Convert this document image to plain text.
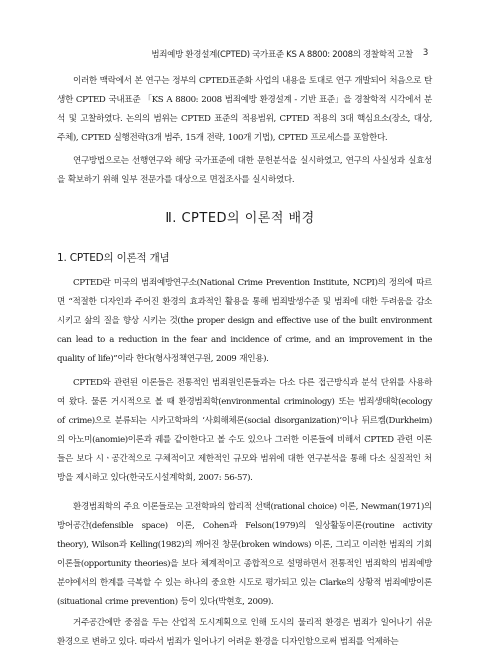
범죄예방 환경설계(CPTED) 국가표준 KS A 8800: 2008의 경찰학적 고찰 3

이러한 맥락에서 본 연구는 정부의 CPTED표준화 사업의 내용을 토대로 연구 개발되어 처음으로 탄생한 CPTED 국내표준 「KS A 8800: 2008 범죄예방 환경설계 - 기반 표준」을 경찰학적 시각에서 분석 및 고찰하였다. 논의의 범위는 CPTED 표준의 적용범위, CPTED 적용의 3대 핵심요소(장소, 대상, 주체), CPTED 실행전략(3개 범주, 15개 전략, 100개 기법), CPTED 프로세스를 포함한다.

연구방법으로는 선행연구와 해당 국가표준에 대한 문헌분석을 실시하였고, 연구의 사실성과 실효성을 확보하기 위해 일부 전문가를 대상으로 면접조사를 실시하였다.

Ⅱ. CPTED의 이론적 배경
1. CPTED의 이론적 개념

CPTED란 미국의 범죄예방연구소(National Crime Prevention Institute, NCPI)의 정의에 따르면 “적절한 디자인과 주어진 환경의 효과적인 활용을 통해 범죄발생수준 및 범죄에 대한 두려움을 감소시키고 삶의 질을 향상 시키는 것(the proper design and effective use of the built environment can lead to a reduction in the fear and incidence of crime, and an improvement in the quality of life)”이라 한다(형사정책연구원, 2009 재인용).

CPTED와 관련된 이론들은 전통적인 범죄원인론들과는 다소 다른 접근방식과 분석 단위를 사용하여 왔다. 물론 거시적으로 볼 때 환경범죄학(environmental criminology) 또는 범죄생태학(ecology of crime)으로 분류되는 시카고학파의 ‘사회해체론(social disorganization)’이나 뒤르켐(Durkheim)의 아노미(anomie)이론과 궤를 같이한다고 볼 수도 있으나 그러한 이론들에 비해서 CPTED 관련 이론들은 보다 시ㆍ공간적으로 구체적이고 제한적인 규모와 범위에 대한 연구분석을 통해 다소 실질적인 처방을 제시하고 있다(한국도시설계학회, 2007: 56-57).

환경범죄학의 주요 이론들로는 고전학파의 합리적 선택(rational choice) 이론, Newman(1971)의 방어공간(defensible space) 이론, Cohen과 Felson(1979)의 일상활동이론(routine activity theory), Wilson과 Kelling(1982)의 깨어진 창문(broken windows) 이론, 그리고 이러한 범죄의 기회이론들(opportunity theories)을 보다 체계적이고 종합적으로 설명하면서 전통적인 범죄학의 범죄예방 분야에서의 한계를 극복할 수 있는 하나의 중요한 시도로 평가되고 있는 Clarke의 상황적 범죄예방이론(situational crime prevention) 등이 있다(박현호, 2009).

거주공간에만 중점을 두는 산업적 도시계획으로 인해 도시의 물리적 환경은 범죄가 일어나기 쉬운 환경으로 변하고 있다. 따라서 범죄가 일어나기 어려운 환경을 디자인함으로써 범죄를 억제하는
